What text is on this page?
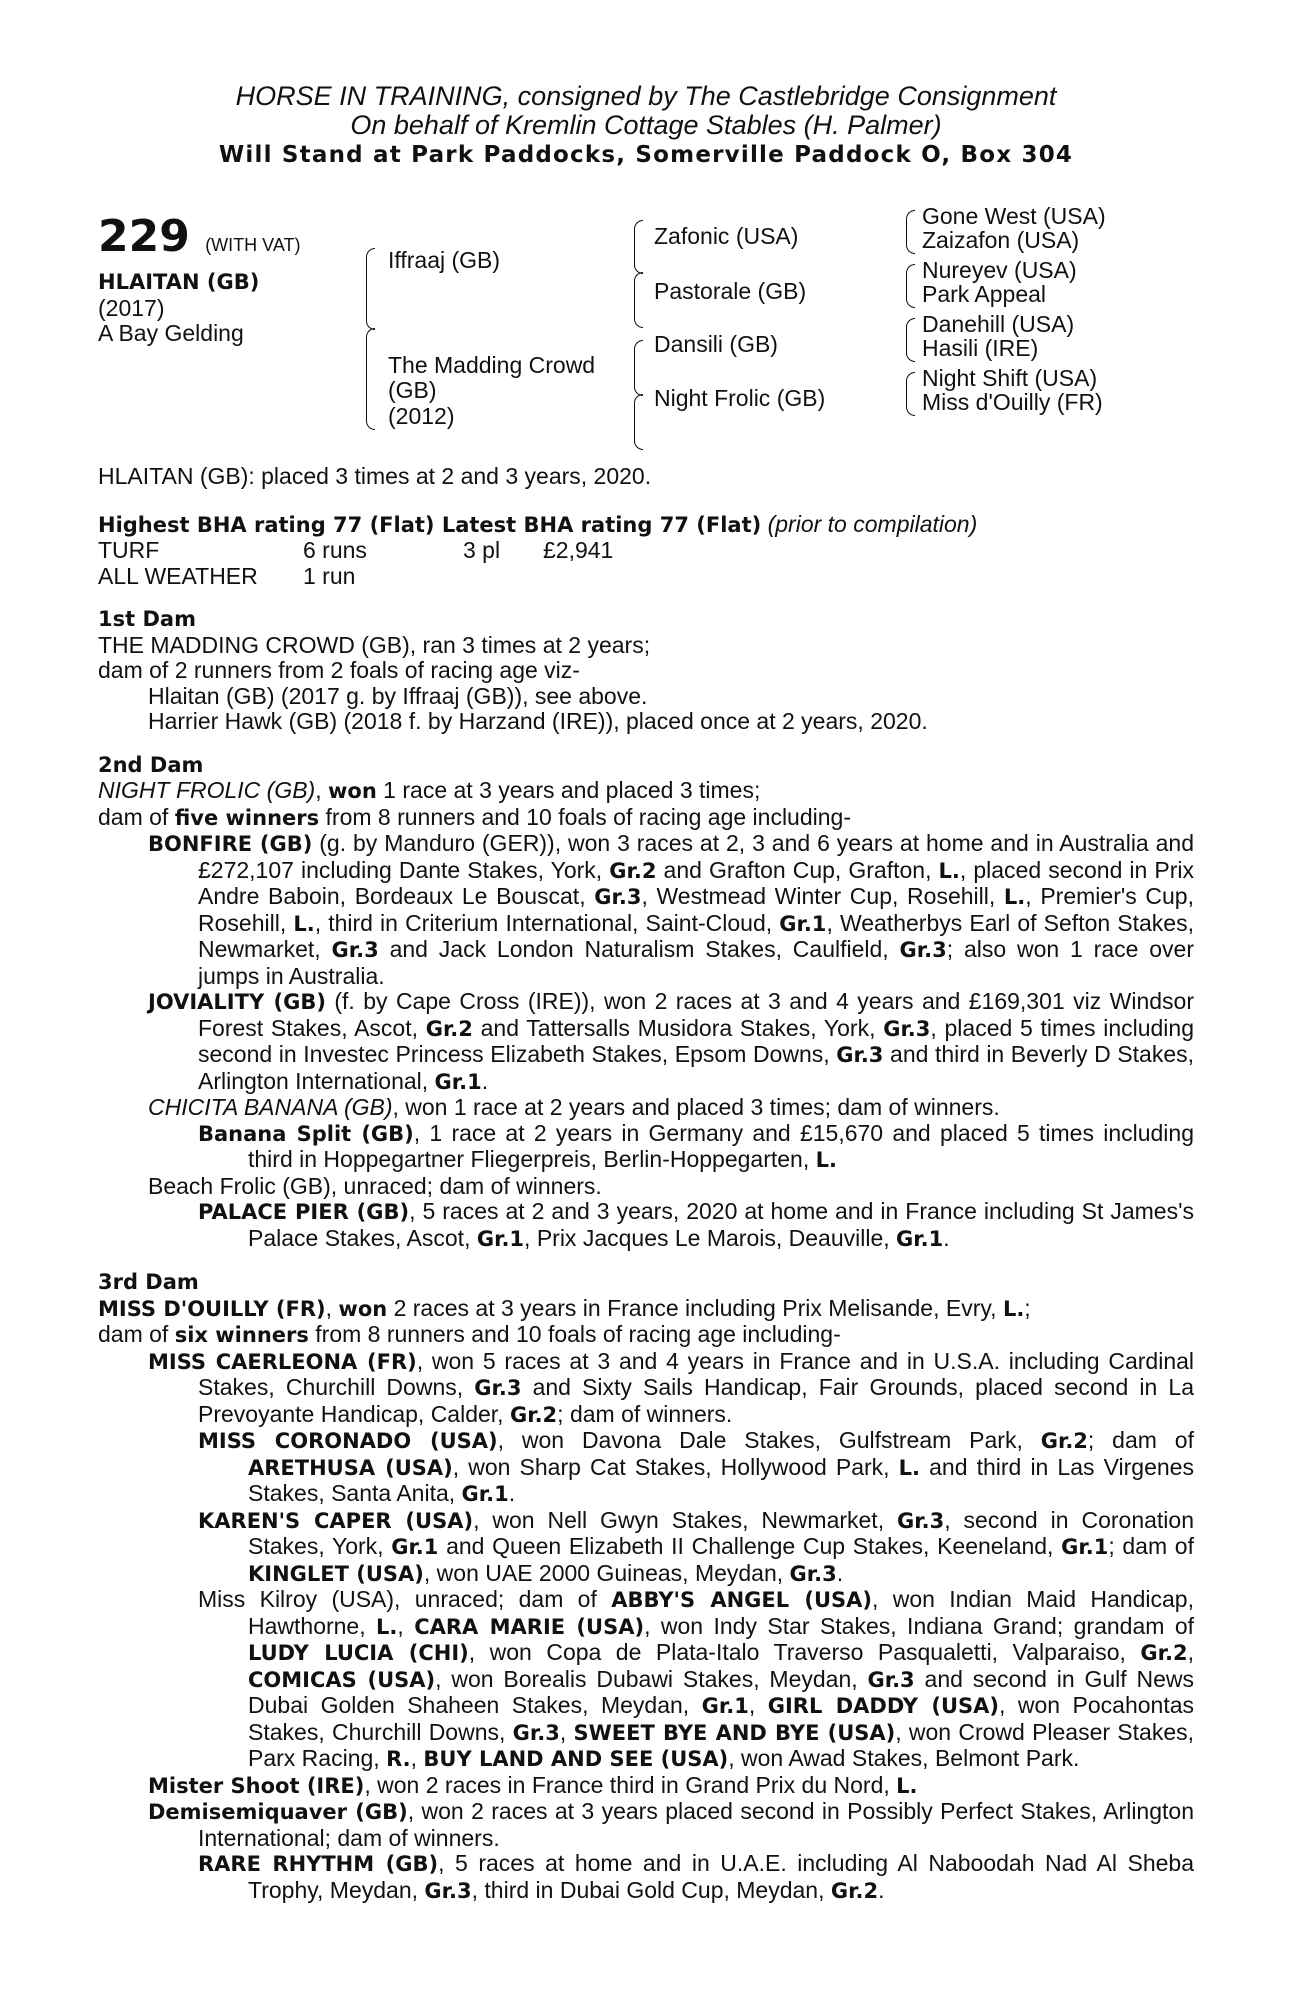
HORSE IN TRAINING, consigned by The Castlebridge Consignment
On behalf of Kremlin Cottage Stables (H. Palmer)
Will Stand at Park Paddocks, Somerville Paddock O, Box 304
229 (WITH VAT)
HLAITAN (GB)
(2017)
A Bay Gelding
Iffraaj (GB)
The Madding Crowd
(GB)
(2012)
Zafonic (USA)
Pastorale (GB)
Dansili (GB)
Night Frolic (GB)
Gone West (USA)
Zaizafon (USA)
Nureyev (USA)
Park Appeal
Danehill (USA)
Hasili (IRE)
Night Shift (USA)
Miss d'Ouilly (FR)
HLAITAN (GB): placed 3 times at 2 and 3 years, 2020.
Highest BHA rating 77 (Flat) Latest BHA rating 77 (Flat) (prior to compilation)
TURF	6 runs	3 pl	£2,941
ALL WEATHER	1 run
1st Dam
THE MADDING CROWD (GB), ran 3 times at 2 years;
dam of 2 runners from 2 foals of racing age viz-
Hlaitan (GB) (2017 g. by Iffraaj (GB)), see above.
Harrier Hawk (GB) (2018 f. by Harzand (IRE)), placed once at 2 years, 2020.
2nd Dam
NIGHT FROLIC (GB), won 1 race at 3 years and placed 3 times;
dam of five winners from 8 runners and 10 foals of racing age including-
BONFIRE (GB) (g. by Manduro (GER)), won 3 races at 2, 3 and 6 years at home and in Australia and £272,107 including Dante Stakes, York, Gr.2 and Grafton Cup, Grafton, L., placed second in Prix Andre Baboin, Bordeaux Le Bouscat, Gr.3, Westmead Winter Cup, Rosehill, L., Premier's Cup, Rosehill, L., third in Criterium International, Saint-Cloud, Gr.1, Weatherbys Earl of Sefton Stakes, Newmarket, Gr.3 and Jack London Naturalism Stakes, Caulfield, Gr.3; also won 1 race over jumps in Australia.
JOVIALITY (GB) (f. by Cape Cross (IRE)), won 2 races at 3 and 4 years and £169,301 viz Windsor Forest Stakes, Ascot, Gr.2 and Tattersalls Musidora Stakes, York, Gr.3, placed 5 times including second in Investec Princess Elizabeth Stakes, Epsom Downs, Gr.3 and third in Beverly D Stakes, Arlington International, Gr.1.
CHICITA BANANA (GB), won 1 race at 2 years and placed 3 times; dam of winners.
Banana Split (GB), 1 race at 2 years in Germany and £15,670 and placed 5 times including third in Hoppegartner Fliegerpreis, Berlin-Hoppegarten, L.
Beach Frolic (GB), unraced; dam of winners.
PALACE PIER (GB), 5 races at 2 and 3 years, 2020 at home and in France including St James's Palace Stakes, Ascot, Gr.1, Prix Jacques Le Marois, Deauville, Gr.1.
3rd Dam
MISS D'OUILLY (FR), won 2 races at 3 years in France including Prix Melisande, Evry, L.;
dam of six winners from 8 runners and 10 foals of racing age including-
MISS CAERLEONA (FR), won 5 races at 3 and 4 years in France and in U.S.A. including Cardinal Stakes, Churchill Downs, Gr.3 and Sixty Sails Handicap, Fair Grounds, placed second in La Prevoyante Handicap, Calder, Gr.2; dam of winners.
MISS CORONADO (USA), won Davona Dale Stakes, Gulfstream Park, Gr.2; dam of ARETHUSA (USA), won Sharp Cat Stakes, Hollywood Park, L. and third in Las Virgenes Stakes, Santa Anita, Gr.1.
KAREN'S CAPER (USA), won Nell Gwyn Stakes, Newmarket, Gr.3, second in Coronation Stakes, York, Gr.1 and Queen Elizabeth II Challenge Cup Stakes, Keeneland, Gr.1; dam of KINGLET (USA), won UAE 2000 Guineas, Meydan, Gr.3.
Miss Kilroy (USA), unraced; dam of ABBY'S ANGEL (USA), won Indian Maid Handicap, Hawthorne, L., CARA MARIE (USA), won Indy Star Stakes, Indiana Grand; grandam of LUDY LUCIA (CHI), won Copa de Plata-Italo Traverso Pasqualetti, Valparaiso, Gr.2, COMICAS (USA), won Borealis Dubawi Stakes, Meydan, Gr.3 and second in Gulf News Dubai Golden Shaheen Stakes, Meydan, Gr.1, GIRL DADDY (USA), won Pocahontas Stakes, Churchill Downs, Gr.3, SWEET BYE AND BYE (USA), won Crowd Pleaser Stakes, Parx Racing, R., BUY LAND AND SEE (USA), won Awad Stakes, Belmont Park.
Mister Shoot (IRE), won 2 races in France third in Grand Prix du Nord, L.
Demisemiquaver (GB), won 2 races at 3 years placed second in Possibly Perfect Stakes, Arlington International; dam of winners.
RARE RHYTHM (GB), 5 races at home and in U.A.E. including Al Naboodah Nad Al Sheba Trophy, Meydan, Gr.3, third in Dubai Gold Cup, Meydan, Gr.2.
